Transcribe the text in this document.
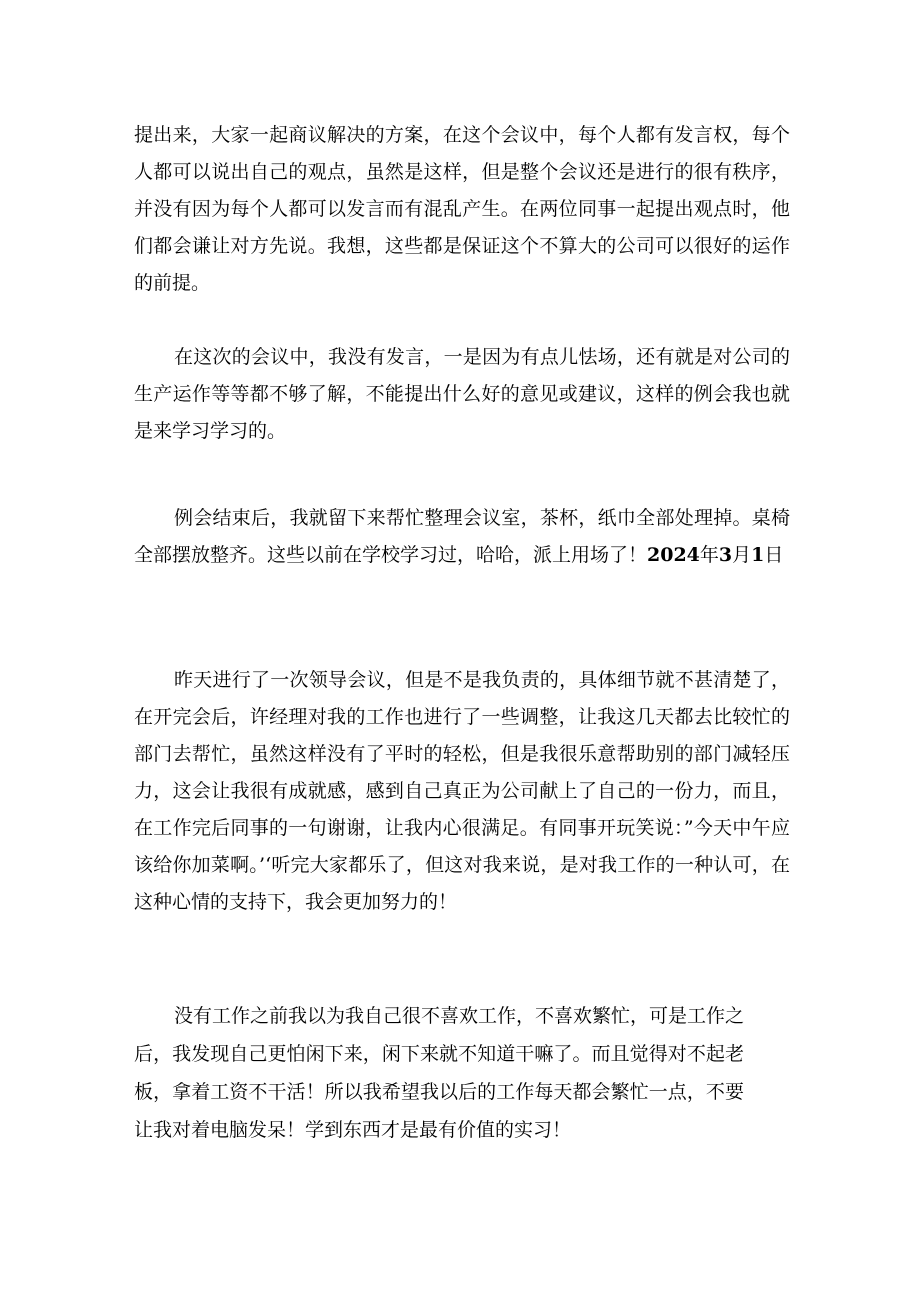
提出来，大家一起商议解决的方案，在这个会议中，每个人都有发言权，每个人都可以说出自己的观点，虽然是这样，但是整个会议还是进行的很有秩序，并没有因为每个人都可以发言而有混乱产生。在两位同事一起提出观点时，他们都会谦让对方先说。我想，这些都是保证这个不算大的公司可以很好的运作的前提。

在这次的会议中，我没有发言，一是因为有点儿怯场，还有就是对公司的生产运作等等都不够了解，不能提出什么好的意见或建议，这样的例会我也就是来学习学习的。

例会结束后，我就留下来帮忙整理会议室，茶杯，纸巾全部处理掉。桌椅全部摆放整齐。这些以前在学校学习过，哈哈，派上用场了！2024年3月1日

昨天进行了一次领导会议，但是不是我负责的，具体细节就不甚清楚了，在开完会后，许经理对我的工作也进行了一些调整，让我这几天都去比较忙的部门去帮忙，虽然这样没有了平时的轻松，但是我很乐意帮助别的部门减轻压力，这会让我很有成就感，感到自己真正为公司献上了自己的一份力，而且，在工作完后同事的一句谢谢，让我内心很满足。有同事开玩笑说：”今天中午应该给你加菜啊。’‘听完大家都乐了，但这对我来说，是对我工作的一种认可，在这种心情的支持下，我会更加努力的！

没有工作之前我以为我自己很不喜欢工作，不喜欢繁忙，可是工作之后，我发现自己更怕闲下来，闲下来就不知道干嘛了。而且觉得对不起老板，拿着工资不干活！所以我希望我以后的工作每天都会繁忙一点，不要让我对着电脑发呆！学到东西才是最有价值的实习！
